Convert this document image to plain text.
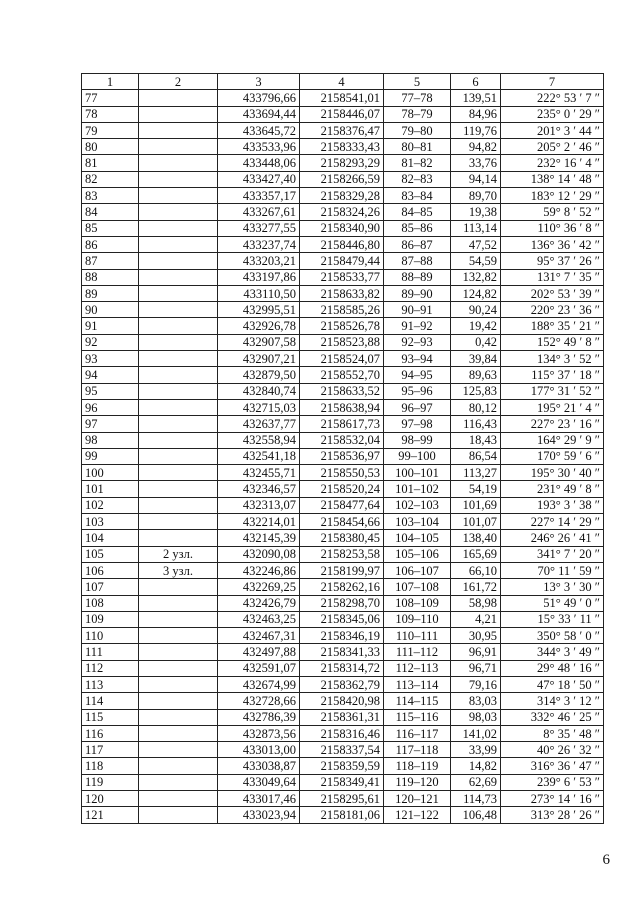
1	2	3	4	5	6	7
77		433796,66	2158541,01	77–78	139,51	222° 53 ′ 7 ″
78		433694,44	2158446,07	78–79	84,96	235° 0 ′ 29 ″
79		433645,72	2158376,47	79–80	119,76	201° 3 ′ 44 ″
80		433533,96	2158333,43	80–81	94,82	205° 2 ′ 46 ″
81		433448,06	2158293,29	81–82	33,76	232° 16 ′ 4 ″
82		433427,40	2158266,59	82–83	94,14	138° 14 ′ 48 ″
83		433357,17	2158329,28	83–84	89,70	183° 12 ′ 29 ″
84		433267,61	2158324,26	84–85	19,38	59° 8 ′ 52 ″
85		433277,55	2158340,90	85–86	113,14	110° 36 ′ 8 ″
86		433237,74	2158446,80	86–87	47,52	136° 36 ′ 42 ″
87		433203,21	2158479,44	87–88	54,59	95° 37 ′ 26 ″
88		433197,86	2158533,77	88–89	132,82	131° 7 ′ 35 ″
89		433110,50	2158633,82	89–90	124,82	202° 53 ′ 39 ″
90		432995,51	2158585,26	90–91	90,24	220° 23 ′ 36 ″
91		432926,78	2158526,78	91–92	19,42	188° 35 ′ 21 ″
92		432907,58	2158523,88	92–93	0,42	152° 49 ′ 8 ″
93		432907,21	2158524,07	93–94	39,84	134° 3 ′ 52 ″
94		432879,50	2158552,70	94–95	89,63	115° 37 ′ 18 ″
95		432840,74	2158633,52	95–96	125,83	177° 31 ′ 52 ″
96		432715,03	2158638,94	96–97	80,12	195° 21 ′ 4 ″
97		432637,77	2158617,73	97–98	116,43	227° 23 ′ 16 ″
98		432558,94	2158532,04	98–99	18,43	164° 29 ′ 9 ″
99		432541,18	2158536,97	99–100	86,54	170° 59 ′ 6 ″
100		432455,71	2158550,53	100–101	113,27	195° 30 ′ 40 ″
101		432346,57	2158520,24	101–102	54,19	231° 49 ′ 8 ″
102		432313,07	2158477,64	102–103	101,69	193° 3 ′ 38 ″
103		432214,01	2158454,66	103–104	101,07	227° 14 ′ 29 ″
104		432145,39	2158380,45	104–105	138,40	246° 26 ′ 41 ″
105	2 узл.	432090,08	2158253,58	105–106	165,69	341° 7 ′ 20 ″
106	3 узл.	432246,86	2158199,97	106–107	66,10	70° 11 ′ 59 ″
107		432269,25	2158262,16	107–108	161,72	13° 3 ′ 30 ″
108		432426,79	2158298,70	108–109	58,98	51° 49 ′ 0 ″
109		432463,25	2158345,06	109–110	4,21	15° 33 ′ 11 ″
110		432467,31	2158346,19	110–111	30,95	350° 58 ′ 0 ″
111		432497,88	2158341,33	111–112	96,91	344° 3 ′ 49 ″
112		432591,07	2158314,72	112–113	96,71	29° 48 ′ 16 ″
113		432674,99	2158362,79	113–114	79,16	47° 18 ′ 50 ″
114		432728,66	2158420,98	114–115	83,03	314° 3 ′ 12 ″
115		432786,39	2158361,31	115–116	98,03	332° 46 ′ 25 ″
116		432873,56	2158316,46	116–117	141,02	8° 35 ′ 48 ″
117		433013,00	2158337,54	117–118	33,99	40° 26 ′ 32 ″
118		433038,87	2158359,59	118–119	14,82	316° 36 ′ 47 ″
119		433049,64	2158349,41	119–120	62,69	239° 6 ′ 53 ″
120		433017,46	2158295,61	120–121	114,73	273° 14 ′ 16 ″
121		433023,94	2158181,06	121–122	106,48	313° 28 ′ 26 ″
6
